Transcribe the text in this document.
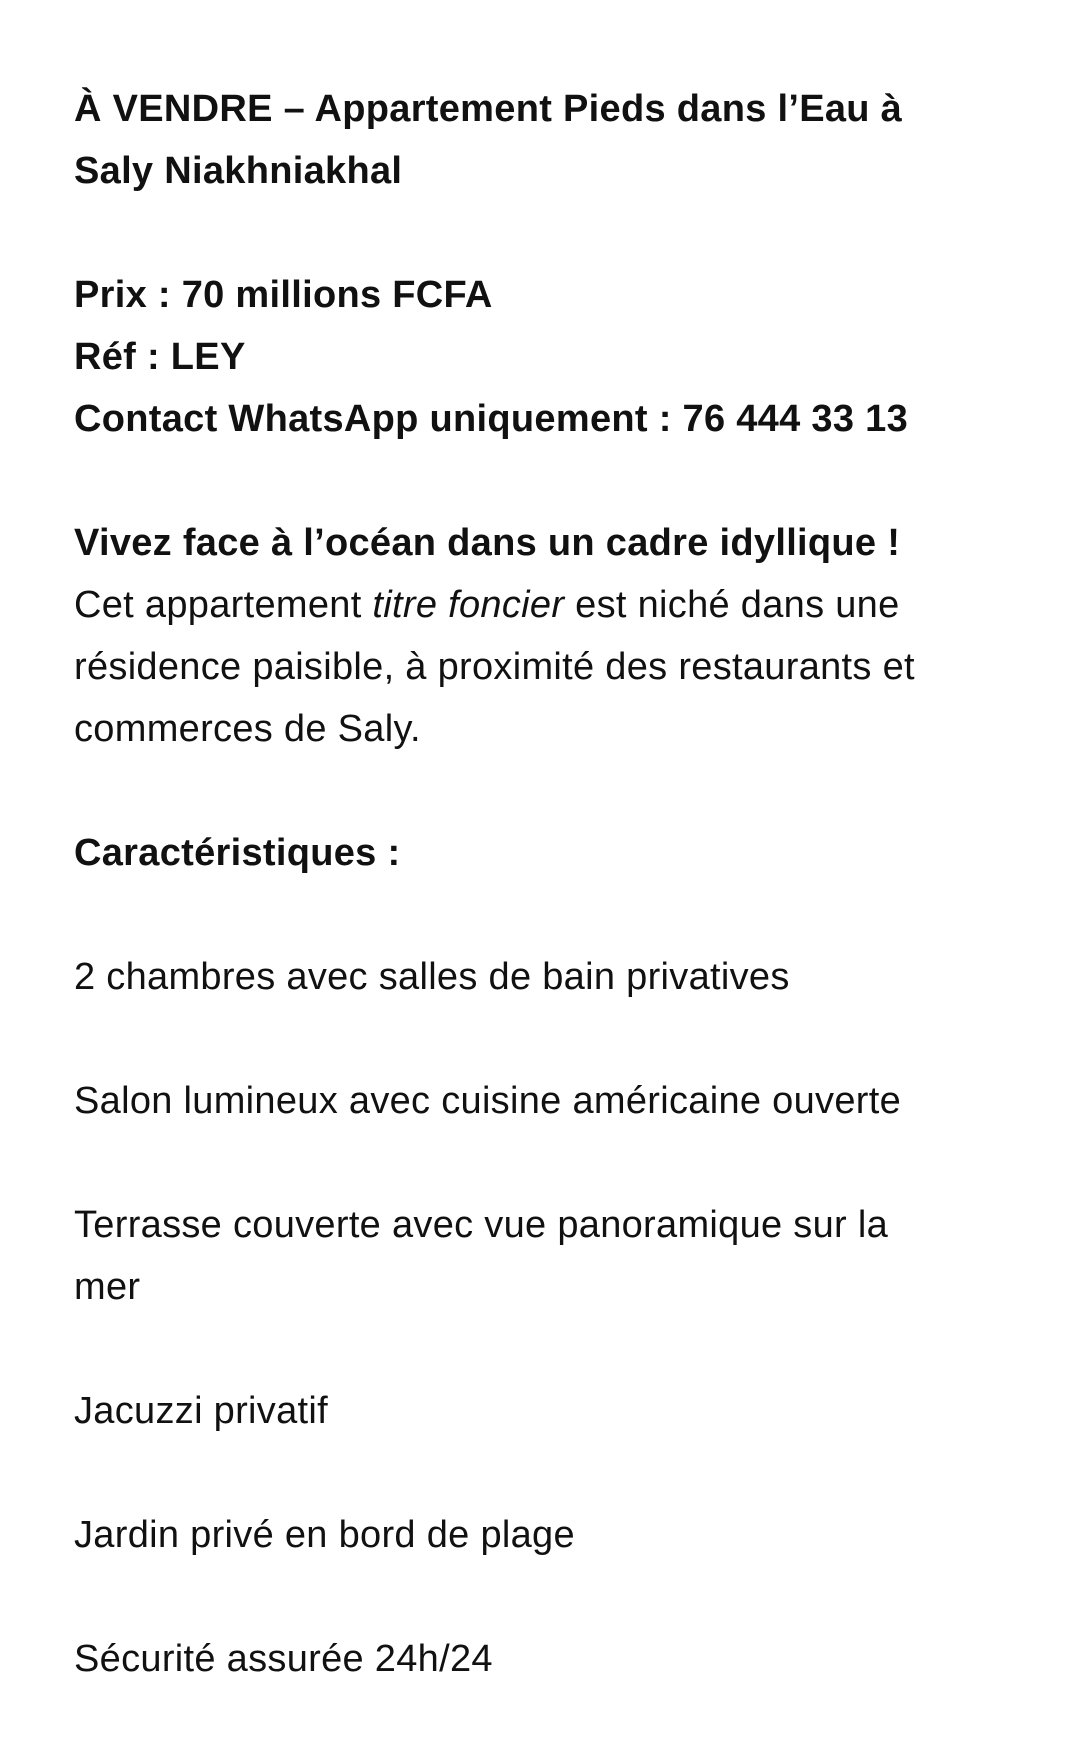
À VENDRE – Appartement Pieds dans l’Eau à
Saly Niakhniakhal
Prix : 70 millions FCFA
Réf : LEY
Contact WhatsApp uniquement : 76 444 33 13
Vivez face à l’océan dans un cadre idyllique !
Cet appartement titre foncier est niché dans une
résidence paisible, à proximité des restaurants et
commerces de Saly.
Caractéristiques :
2 chambres avec salles de bain privatives
Salon lumineux avec cuisine américaine ouverte
Terrasse couverte avec vue panoramique sur la
mer
Jacuzzi privatif
Jardin privé en bord de plage
Sécurité assurée 24h/24
